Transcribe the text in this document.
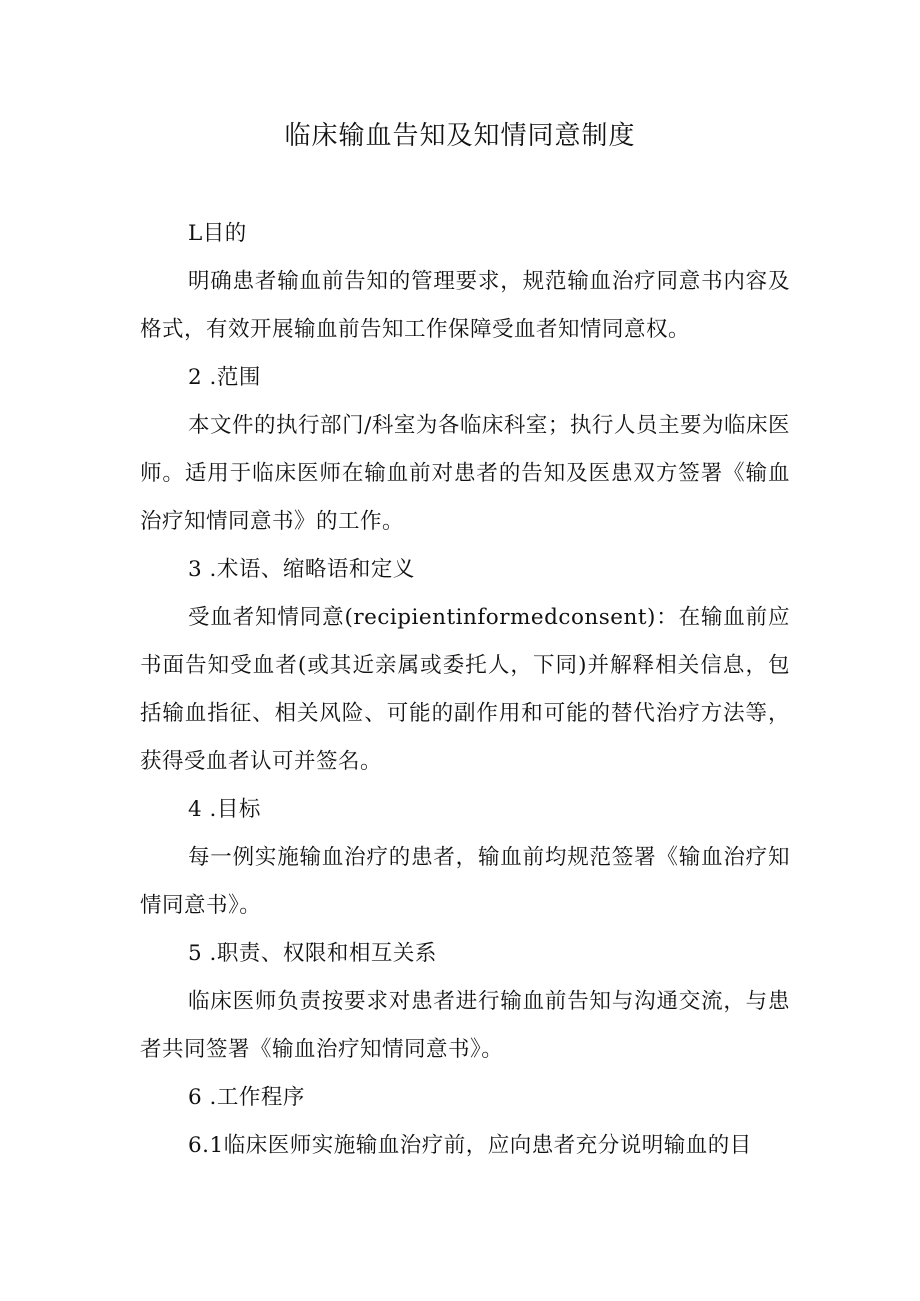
临床输血告知及知情同意制度

L目的

明确患者输血前告知的管理要求，规范输血治疗同意书内容及格式，有效开展输血前告知工作保障受血者知情同意权。

2 .范围

本文件的执行部门/科室为各临床科室；执行人员主要为临床医师。适用于临床医师在输血前对患者的告知及医患双方签署《输血治疗知情同意书》的工作。

3 .术语、缩略语和定义

受血者知情同意(recipientinformedconsent)：在输血前应书面告知受血者(或其近亲属或委托人，下同)并解释相关信息，包括输血指征、相关风险、可能的副作用和可能的替代治疗方法等，获得受血者认可并签名。

4 .目标

每一例实施输血治疗的患者，输血前均规范签署《输血治疗知情同意书》。

5 .职责、权限和相互关系

临床医师负责按要求对患者进行输血前告知与沟通交流，与患者共同签署《输血治疗知情同意书》。

6 .工作程序

6.1临床医师实施输血治疗前，应向患者充分说明输血的目
